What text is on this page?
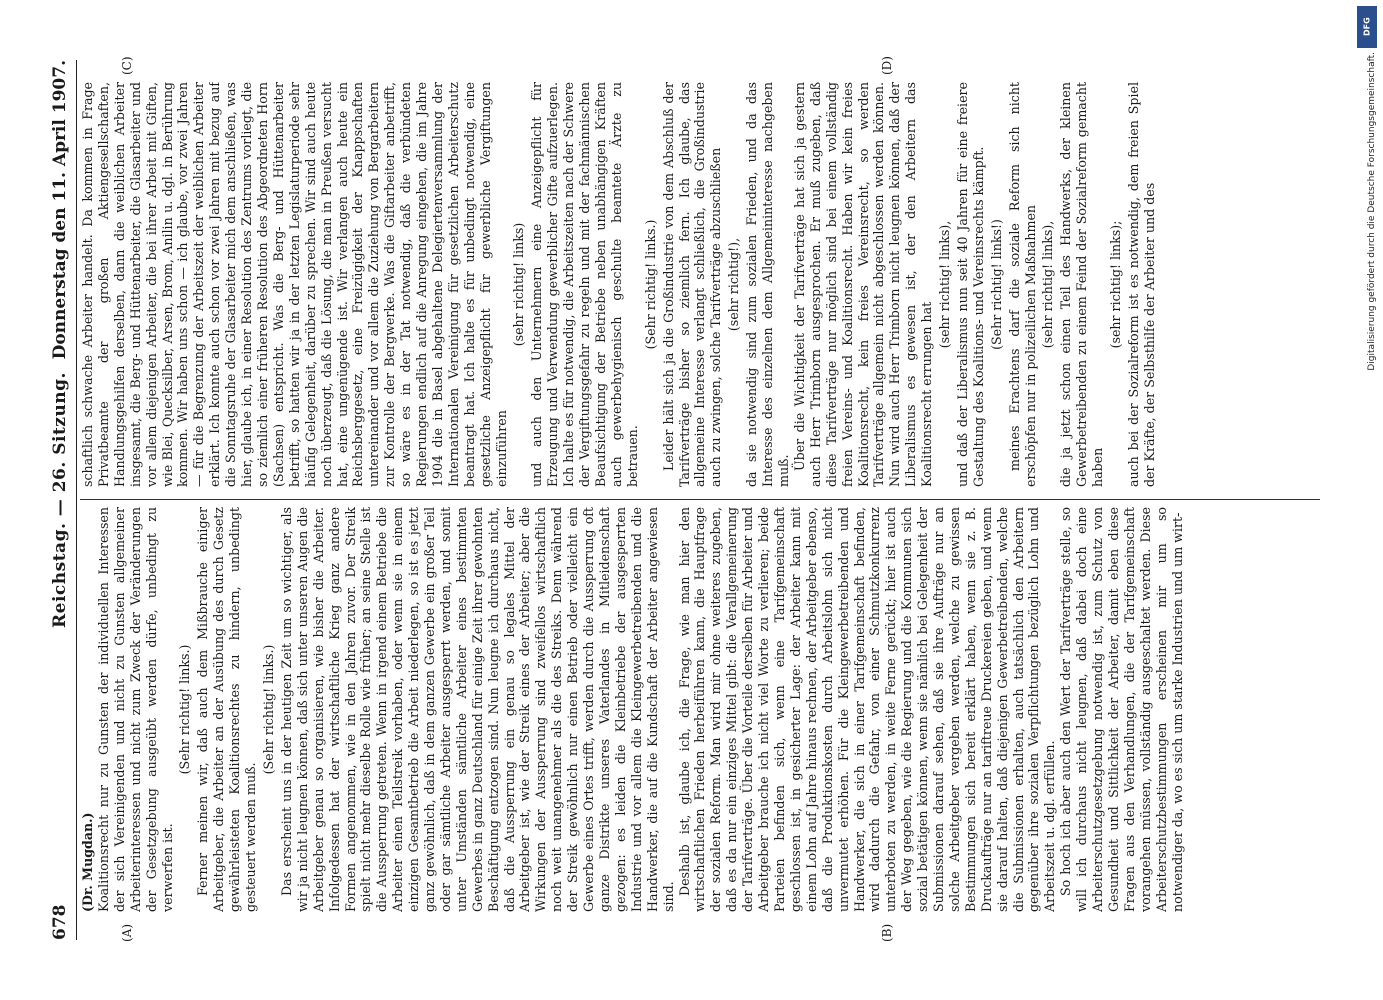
678
Reichstag. — 26. Sitzung.
Donnerstag den 11. April 1907.
(A)	(B)
(C)	(D)

(Dr. Mugdan.) Koalitionsrecht nur zu Gunsten der individuellen Interessen der sich Vereinigenden und nicht zu Gunsten allgemeiner Arbeiterinteressen und nicht zum Zweck der Veränderungen der Gesetzgebung ausgeübt werden dürfe, unbedingt zu verwerfen ist.

(Sehr richtig! links.) Ferner meinen wir, daß auch dem Mißbrauche einiger Arbeitgeber, die Arbeiter an der Ausübung des durch Gesetz gewährleisteten Koalitionsrechtes zu hindern, unbedingt gesteuert werden muß.

(Sehr richtig! links.) Das erscheint uns in der heutigen Zeit um so wichtiger, als wir ja nicht leugnen können, daß sich unter unseren Augen die Arbeitgeber genau so organisieren, wie bisher die Arbeiter. Infolgedessen hat der wirtschaftliche Krieg ganz andere Formen angenommen, wie in den Jahren zuvor. Der Streik spielt nicht mehr dieselbe Rolle wie früher; an seine Stelle ist die Aussperrung getreten. Wenn in irgend einem Betriebe die Arbeiter einen Teilstreik vorhaben, oder wenn sie in einem einzigen Gesamtbetrieb die Arbeit niederlegen, so ist es jetzt ganz gewöhnlich, daß in dem ganzen Gewerbe ein großer Teil oder gar sämtliche Arbeiter ausgesperrt werden, und somit unter Umständen sämtliche Arbeiter eines bestimmten Gewerbes in ganz Deutschland für einige Zeit ihrer gewohnten Beschäftigung entzogen sind. Nun leugne ich durchaus nicht, daß die Aussperrung ein genau so legales Mittel der Arbeitgeber ist, wie der Streik eines der Arbeiter; aber die Wirkungen der Aussperrung sind zweifellos wirtschaftlich noch weit unangenehmer als die des Streiks. Denn während der Streik gewöhnlich nur einen Betrieb oder vielleicht ein Gewerbe eines Ortes trifft, werden durch die Aussperrung oft ganze Distrikte unseres Vaterlandes in Mitleidenschaft gezogen: es leiden die Kleinbetriebe der ausgesperrten Industrie und vor allem die Kleingewerbetreibenden und die Handwerker, die auf die Kundschaft der Arbeiter angewiesen sind.

Deshalb ist, glaube ich, die Frage, wie man hier den wirtschaftlichen Frieden herbeiführen kann, die Hauptfrage der sozialen Reform. Man wird mir ohne weiteres zugeben, daß es da nur ein einziges Mittel gibt: die Verallgemeinerung der Tarifverträge. Über die Vorteile derselben für Arbeiter und Arbeitgeber brauche ich nicht viel Worte zu verlieren; beide Parteien befinden sich, wenn eine Tarifgemeinschaft geschlossen ist, in gesicherter Lage: der Arbeiter kann mit einem Lohn auf Jahre hinaus rechnen, der Arbeitgeber ebenso, daß die Produktionskosten durch Arbeitslohn sich nicht unvermutet erhöhen. Für die Kleingewerbetreibenden und Handwerker, die sich in einer Tarifgemeinschaft befinden, wird dadurch die Gefahr, von einer Schmutzkonkurrenz unterboten zu werden, in weite Ferne gerückt; hier ist auch der Weg gegeben, wie die Regierung und die Kommunen sich sozial betätigen können, wenn sie nämlich bei Gelegenheit der Submissionen darauf sehen, daß sie ihre Aufträge nur an solche Arbeitgeber vergeben werden, welche zu gewissen Bestimmungen sich bereit erklärt haben, wenn sie z. B. Druckaufträge nur an tariftreue Druckereien geben, und wenn sie darauf halten, daß diejenigen Gewerbetreibenden, welche die Submissionen erhalten, auch tatsächlich den Arbeitern gegenüber ihre sozialen Verpflichtungen bezüglich Lohn und Arbeitszeit u. dgl. erfüllen. So hoch ich aber auch den Wert der Tarifverträge stelle, so will ich durchaus nicht leugnen, daß dabei doch eine Arbeiterschutzgesetzgebung notwendig ist, zum Schutz von Gesundheit und Sittlichkeit der Arbeiter, damit eben diese Fragen aus den Verhandlungen, die der Tarifgemeinschaft vorangehen müssen, vollständig ausgeschaltet werden. Diese Arbeiterschutzbestimmungen erscheinen mir um so notwendiger da, wo es sich um starke Industrien und um wirt-

schaftlich schwache Arbeiter handelt. Da kommen in Frage Privatbeamte der großen Aktiengesellschaften, Handlungsgehilfen derselben, dann die weiblichen Arbeiter insgesamt, die Berg- und Hüttenarbeiter, die Glasarbeiter und vor allem diejenigen Arbeiter, die bei ihrer Arbeit mit Giften, wie Blei, Quecksilber, Arsen, Brom, Anilin u. dgl. in Berührung kommen. Wir haben uns schon — ich glaube, vor zwei Jahren — für die Begrenzung der Arbeitszeit der weiblichen Arbeiter erklärt. Ich konnte auch schon vor zwei Jahren mit bezug auf die Sonntagsruhe der Glasarbeiter mich dem anschließen, was hier, glaube ich, in einer Resolution des Zentrums vorliegt, die so ziemlich einer früheren Resolution des Abgeordneten Horn (Sachsen) entspricht. Was die Berg- und Hüttenarbeiter betrifft, so hatten wir ja in der letzten Legislaturperiode sehr häufig Gelegenheit, darüber zu sprechen. Wir sind auch heute noch überzeugt, daß die Lösung, die man in Preußen versucht hat, eine ungenügende ist. Wir verlangen auch heute ein Reichsberggesetz, eine Freizügigkeit der Knappschaften untereinander und vor allem die Zuziehung von Bergarbeitern zur Kontrolle der Bergwerke. Was die Giftarbeiter anbetrifft, so wäre es in der Tat notwendig, daß die verbündeten Regierungen endlich auf die Anregung eingehen, die im Jahre 1904 die in Basel abgehaltene Delegiertenversammlung der Internationalen Vereinigung für gesetzlichen Arbeiterschutz beantragt hat. Ich halte es für unbedingt notwendig, eine gesetzliche Anzeigepflicht für gewerbliche Vergiftungen einzuführen

(sehr richtig! links) und auch den Unternehmern eine Anzeigepflicht für Erzeugung und Verwendung gewerblicher Gifte aufzuerlegen. Ich halte es für notwendig, die Arbeitszeiten nach der Schwere der Vergiftungsgefahr zu regeln und mit der fachmännischen Beaufsichtigung der Betriebe neben unabhängigen Kräften auch gewerbehygienisch geschulte beamtete Ärzte zu betrauen.

(Sehr richtig! links.) Leider hält sich ja die Großindustrie von dem Abschluß der Tarifverträge bisher so ziemlich fern. Ich glaube, das allgemeine Interesse verlangt schließlich, die Großindustrie auch zu zwingen, solche Tarifverträge abzuschließen (sehr richtig!), da sie notwendig sind zum sozialen Frieden, und da das Interesse des einzelnen dem Allgemeininteresse nachgeben muß. Über die Wichtigkeit der Tarifverträge hat sich ja gestern auch Herr Trimborn ausgesprochen. Er muß zugeben, daß diese Tarifverträge nur möglich sind bei einem vollständig freien Vereins- und Koalitionsrecht. Haben wir kein freies Koalitionsrecht, kein freies Vereinsrecht, so werden Tarifverträge allgemein nicht abgeschlossen werden können. Nun wird auch Herr Trimborn nicht leugnen können, daß der Liberalismus es gewesen ist, der den Arbeitern das Koalitionsrecht errungen hat

(sehr richtig! links), und daß der Liberalismus nun seit 40 Jahren für eine freiere Gestaltung des Koalitions- und Vereinsrechts kämpft. (Sehr richtig! links!) meines Erachtens darf die soziale Reform sich nicht erschöpfen nur in polizeilichen Maßnahmen (sehr richtig! links), die ja jetzt schon einen Teil des Handwerks, der kleinen Gewerbetreibenden zu einem Feind der Sozialreform gemacht haben

(sehr richtig! links); auch bei der Sozialreform ist es notwendig, dem freien Spiel der Kräfte, der Selbsthilfe der Arbeiter und des

DFG
Digitalisierung gefördert durch die Deutsche Forschungsgemeinschaft.
